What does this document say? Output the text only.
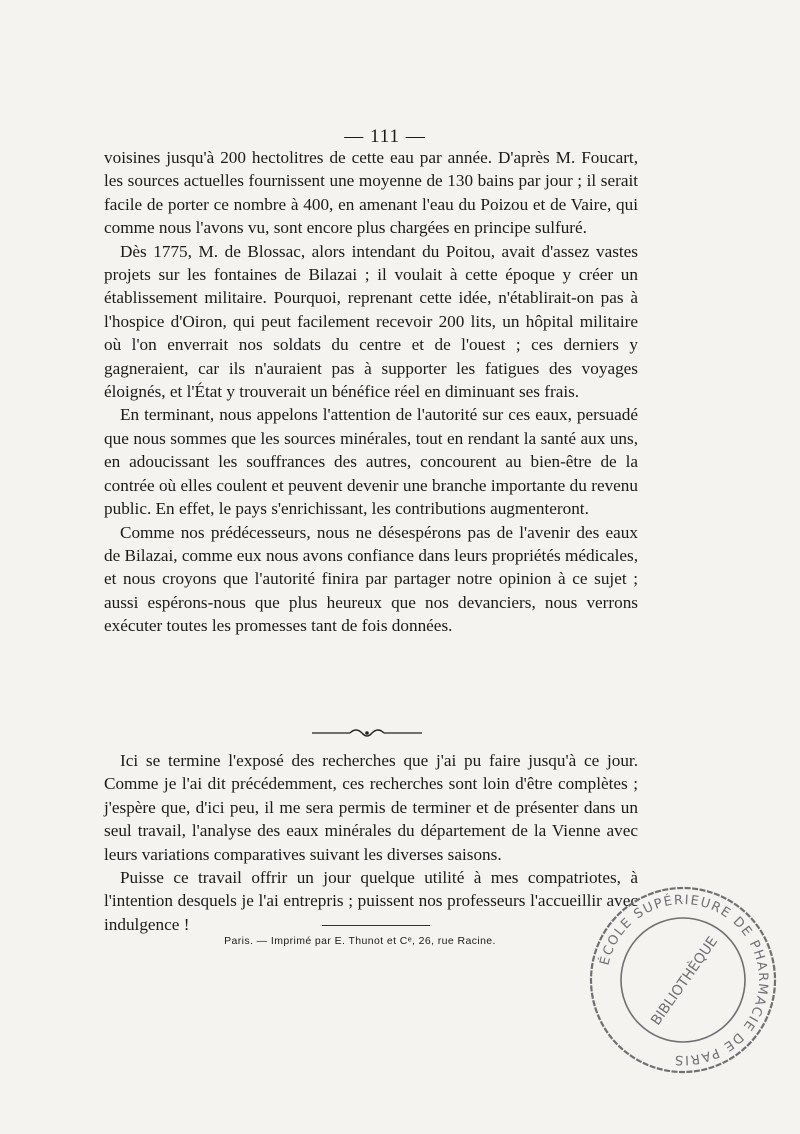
— 111 —

voisines jusqu'à 200 hectolitres de cette eau par année. D'après M. Foucart, les sources actuelles fournissent une moyenne de 130 bains par jour ; il serait facile de porter ce nombre à 400, en amenant l'eau du Poizou et de Vaire, qui comme nous l'avons vu, sont encore plus chargées en principe sulfuré.

Dès 1775, M. de Blossac, alors intendant du Poitou, avait d'assez vastes projets sur les fontaines de Bilazai ; il voulait à cette époque y créer un établissement militaire. Pourquoi, reprenant cette idée, n'établirait-on pas à l'hospice d'Oiron, qui peut facilement recevoir 200 lits, un hôpital militaire où l'on enverrait nos soldats du centre et de l'ouest ; ces derniers y gagneraient, car ils n'auraient pas à supporter les fatigues des voyages éloignés, et l'État y trouverait un bénéfice réel en diminuant ses frais.

En terminant, nous appelons l'attention de l'autorité sur ces eaux, persuadé que nous sommes que les sources minérales, tout en rendant la santé aux uns, en adoucissant les souffrances des autres, concourent au bien-être de la contrée où elles coulent et peuvent devenir une branche importante du revenu public. En effet, le pays s'enrichissant, les contributions augmenteront.

Comme nos prédécesseurs, nous ne désespérons pas de l'avenir des eaux de Bilazai, comme eux nous avons confiance dans leurs propriétés médicales, et nous croyons que l'autorité finira par partager notre opinion à ce sujet ; aussi espérons-nous que plus heureux que nos devanciers, nous verrons exécuter toutes les promesses tant de fois données.

Ici se termine l'exposé des recherches que j'ai pu faire jusqu'à ce jour. Comme je l'ai dit précédemment, ces recherches sont loin d'être complètes ; j'espère que, d'ici peu, il me sera permis de terminer et de présenter dans un seul travail, l'analyse des eaux minérales du département de la Vienne avec leurs variations comparatives suivant les diverses saisons.

Puisse ce travail offrir un jour quelque utilité à mes compatriotes, à l'intention desquels je l'ai entrepris ; puissent nos professeurs l'accueillir avec indulgence !

Paris. — Imprimé par E. Thunot et Cᵉ, 26, rue Racine.
ÉCOLE SUPÉRIEURE DE PHARMACIE DE PARIS
BIBLIOTHÈQUE
